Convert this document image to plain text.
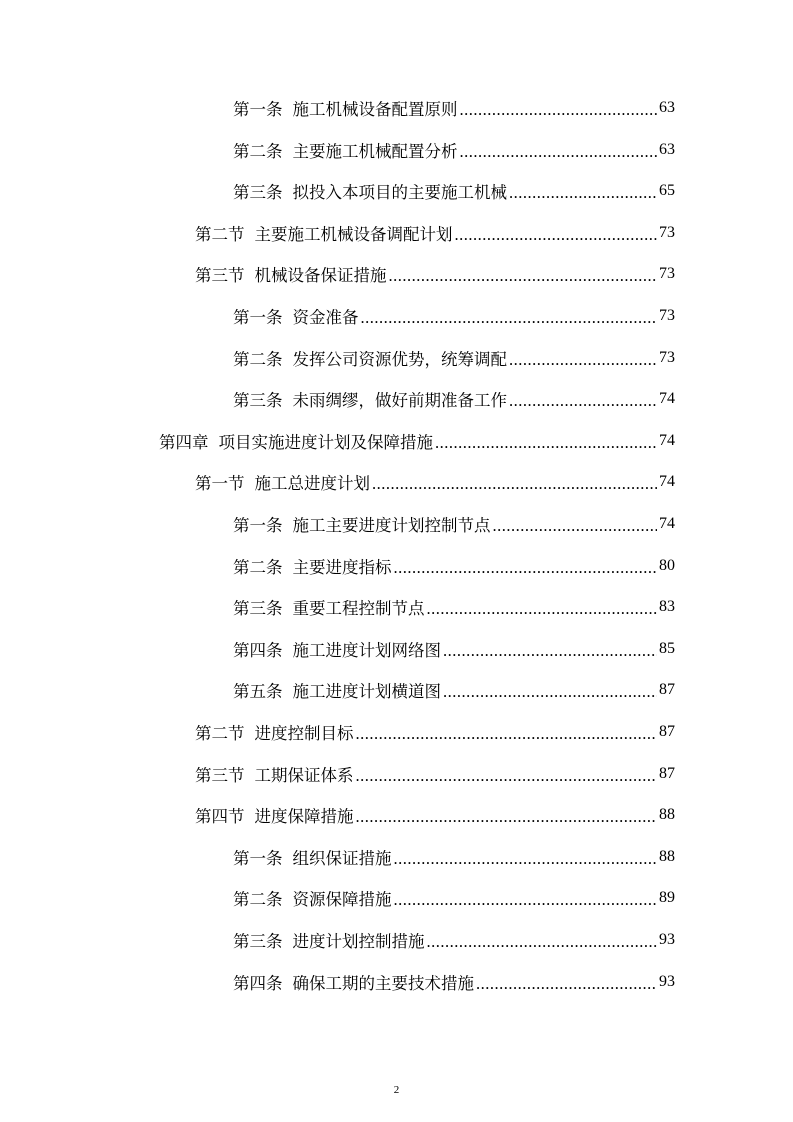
第一条 施工机械设备配置原则 .....	63
第二条 主要施工机械配置分析 .....	63
第三条 拟投入本项目的主要施工机械 .....	65
第二节 主要施工机械设备调配计划 .....	73
第三节 机械设备保证措施 .....	73
第一条 资金准备 .....	73
第二条 发挥公司资源优势，统筹调配 .....	73
第三条 未雨绸缪，做好前期准备工作 .....	74
第四章 项目实施进度计划及保障措施 .....	74
第一节 施工总进度计划 .....	74
第一条 施工主要进度计划控制节点 .....	74
第二条 主要进度指标 .....	80
第三条 重要工程控制节点 .....	83
第四条 施工进度计划网络图 .....	85
第五条 施工进度计划横道图 .....	87
第二节 进度控制目标 .....	87
第三节 工期保证体系 .....	87
第四节 进度保障措施 .....	88
第一条 组织保证措施 .....	88
第二条 资源保障措施 .....	89
第三条 进度计划控制措施 .....	93
第四条 确保工期的主要技术措施 .....	93
2
